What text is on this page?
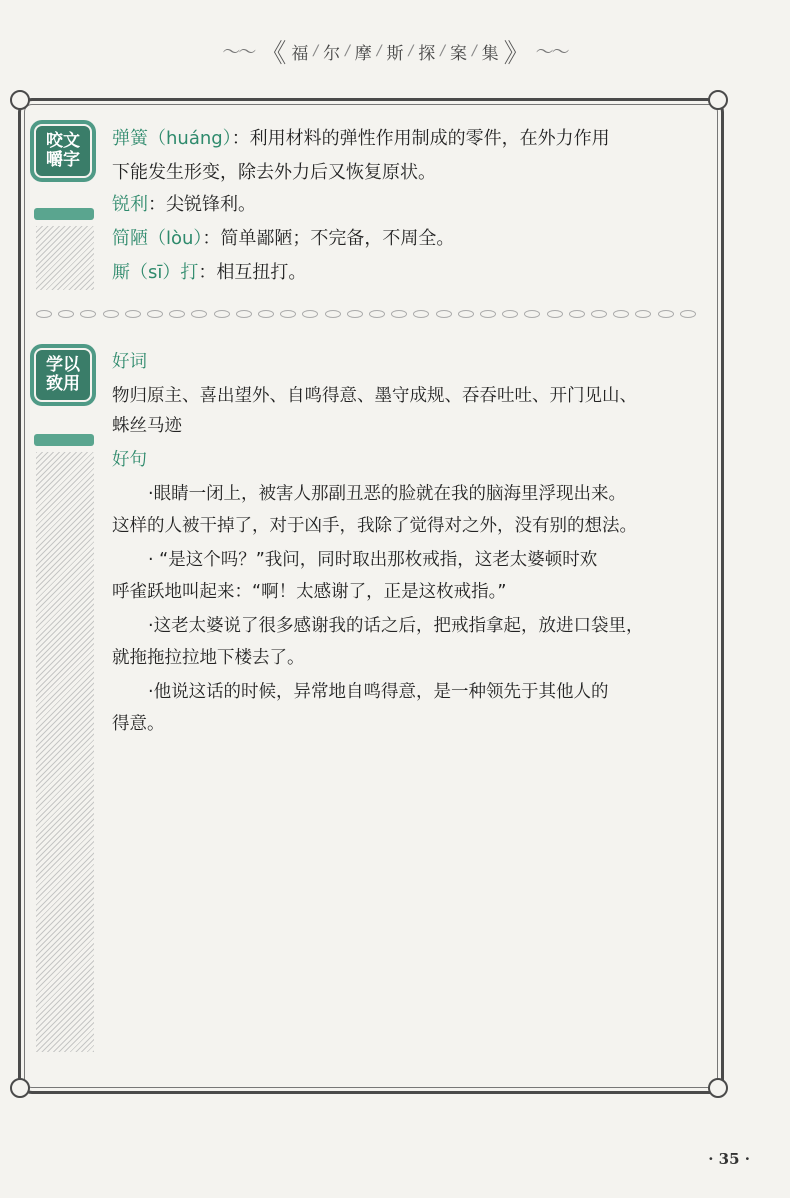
〜〜 《 福 / 尔 / 摩 / 斯 / 探 / 案 / 集 》 〜〜
咬文
嚼字
弹簧（huáng）：利用材料的弹性作用制成的零件，在外力作用
下能发生形变，除去外力后又恢复原状。
锐利：尖锐锋利。
简陋（lòu）：简单鄙陋；不完备，不周全。
厮（sī）打：相互扭打。
学以
致用
好词
物归原主、喜出望外、自鸣得意、墨守成规、吞吞吐吐、开门见山、
蛛丝马迹
好句
·眼睛一闭上，被害人那副丑恶的脸就在我的脑海里浮现出来。
这样的人被干掉了，对于凶手，我除了觉得对之外，没有别的想法。
· “是这个吗？”我问，同时取出那枚戒指，这老太婆顿时欢
呼雀跃地叫起来：“啊！太感谢了，正是这枚戒指。”
·这老太婆说了很多感谢我的话之后，把戒指拿起，放进口袋里，
就拖拖拉拉地下楼去了。
·他说这话的时候，异常地自鸣得意，是一种领先于其他人的
得意。
· 35 ·
